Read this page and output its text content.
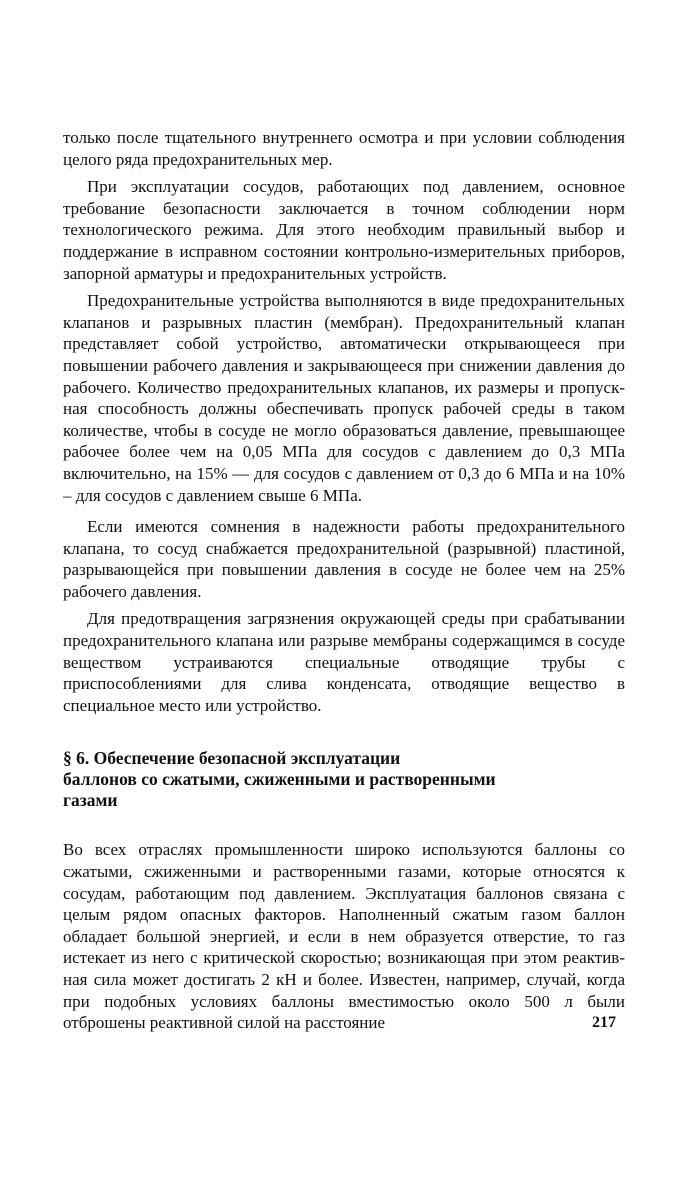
только после тщательного внутреннего осмотра и при условии соблюдения целого ряда предохранительных мер.

При эксплуатации сосудов, работающих под давлением, основное требование безопасности заключается в точном соблюдении норм технологического режима. Для этого необходим правильный выбор и поддержание в исправном состоянии контрольно-измерительных приборов, запорной арматуры и предохранительных устройств.

Предохранительные устройства выполняются в виде предохранительных клапанов и разрывных пластин (мембран). Предохранительный клапан представляет собой устройство, автоматически открывающееся при повышении рабочего давления и закрывающееся при снижении давления до рабочего. Количество предохранительных клапанов, их размеры и пропускная способность должны обеспечивать пропуск рабочей среды в таком количестве, чтобы в сосуде не могло образоваться давление, превышающее рабочее более чем на 0,05 МПа для сосудов с давлением до 0,3 МПа включительно, на 15% — для сосудов с давлением от 0,3 до 6 МПа и на 10% – для сосудов с давлением свыше 6 МПа.

Если имеются сомнения в надежности работы предохранительного клапана, то сосуд снабжается предохранительной (разрывной) пластиной, разрывающейся при повышении давления в сосуде не более чем на 25% рабочего давления.

Для предотвращения загрязнения окружающей среды при срабатывании предохранительного клапана или разрыве мембраны содержащимся в сосуде веществом устраиваются специальные отводящие трубы с приспособлениями для слива конденсата, отводящие вещество в специальное место или устройство.

§ 6. Обеспечение безопасной эксплуатации
баллонов со сжатыми, сжиженными и растворенными
газами

Во всех отраслях промышленности широко используются баллоны со сжатыми, сжиженными и растворенными газами, которые относятся к сосудам, работающим под давлением. Эксплуатация баллонов связана с целым рядом опасных факторов. Наполненный сжатым газом баллон обладает большой энергией, и если в нем образуется отверстие, то газ истекает из него с критической скоростью; возникающая при этом реактивная сила может достигать 2 кН и более. Известен, например, случай, когда при подобных условиях баллоны вместимостью около 500 л были отброшены реактивной силой на расстояние	217
